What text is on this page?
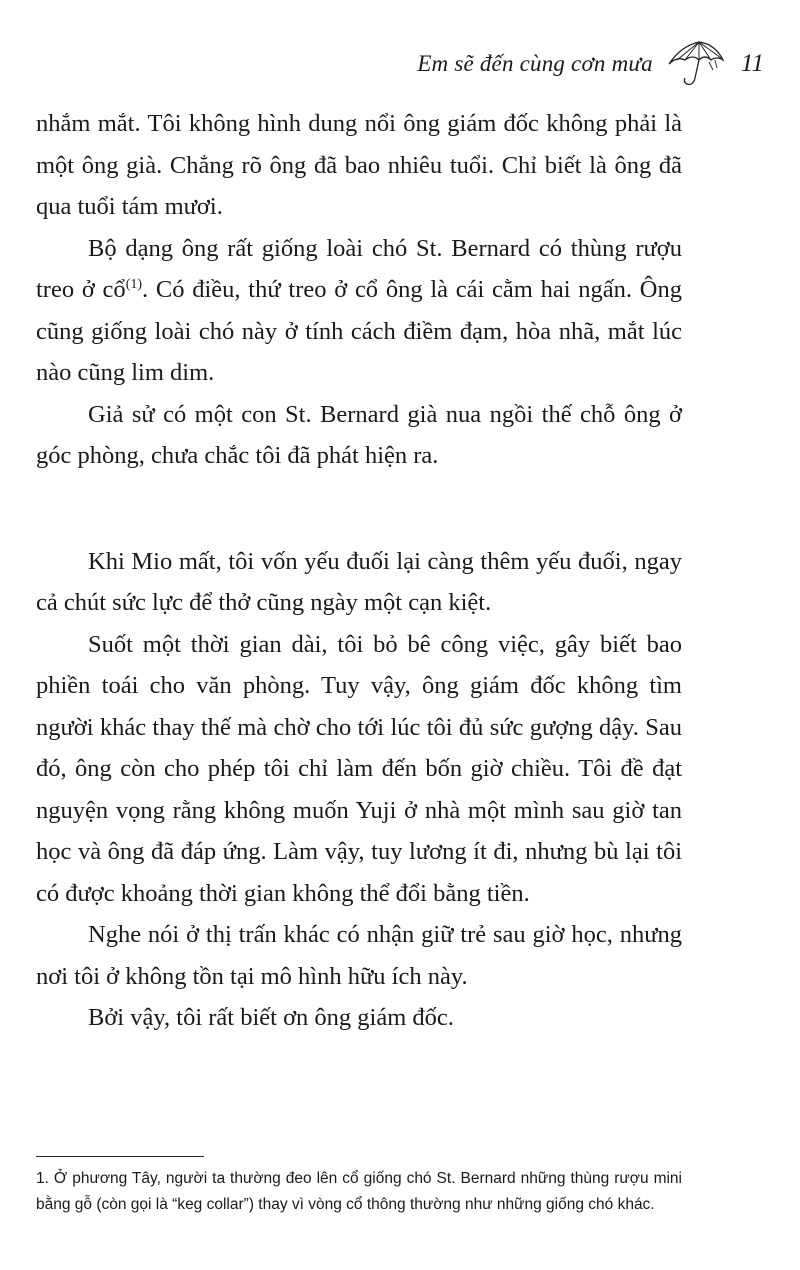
Em sẽ đến cùng cơn mưa	11

nhắm mắt. Tôi không hình dung nổi ông giám đốc không phải là một ông già. Chẳng rõ ông đã bao nhiêu tuổi. Chỉ biết là ông đã qua tuổi tám mươi.

Bộ dạng ông rất giống loài chó St. Bernard có thùng rượu treo ở cổ$^{(1)}$. Có điều, thứ treo ở cổ ông là cái cằm hai ngấn. Ông cũng giống loài chó này ở tính cách điềm đạm, hòa nhã, mắt lúc nào cũng lim dim.

Giả sử có một con St. Bernard già nua ngồi thế chỗ ông ở góc phòng, chưa chắc tôi đã phát hiện ra.

Khi Mio mất, tôi vốn yếu đuối lại càng thêm yếu đuối, ngay cả chút sức lực để thở cũng ngày một cạn kiệt.

Suốt một thời gian dài, tôi bỏ bê công việc, gây biết bao phiền toái cho văn phòng. Tuy vậy, ông giám đốc không tìm người khác thay thế mà chờ cho tới lúc tôi đủ sức gượng dậy. Sau đó, ông còn cho phép tôi chỉ làm đến bốn giờ chiều. Tôi đề đạt nguyện vọng rằng không muốn Yuji ở nhà một mình sau giờ tan học và ông đã đáp ứng. Làm vậy, tuy lương ít đi, nhưng bù lại tôi có được khoảng thời gian không thể đổi bằng tiền.

Nghe nói ở thị trấn khác có nhận giữ trẻ sau giờ học, nhưng nơi tôi ở không tồn tại mô hình hữu ích này.

Bởi vậy, tôi rất biết ơn ông giám đốc.

1. Ở phương Tây, người ta thường đeo lên cổ giống chó St. Bernard những thùng rượu mini bằng gỗ (còn gọi là “keg collar”) thay vì vòng cổ thông thường như những giống chó khác.
